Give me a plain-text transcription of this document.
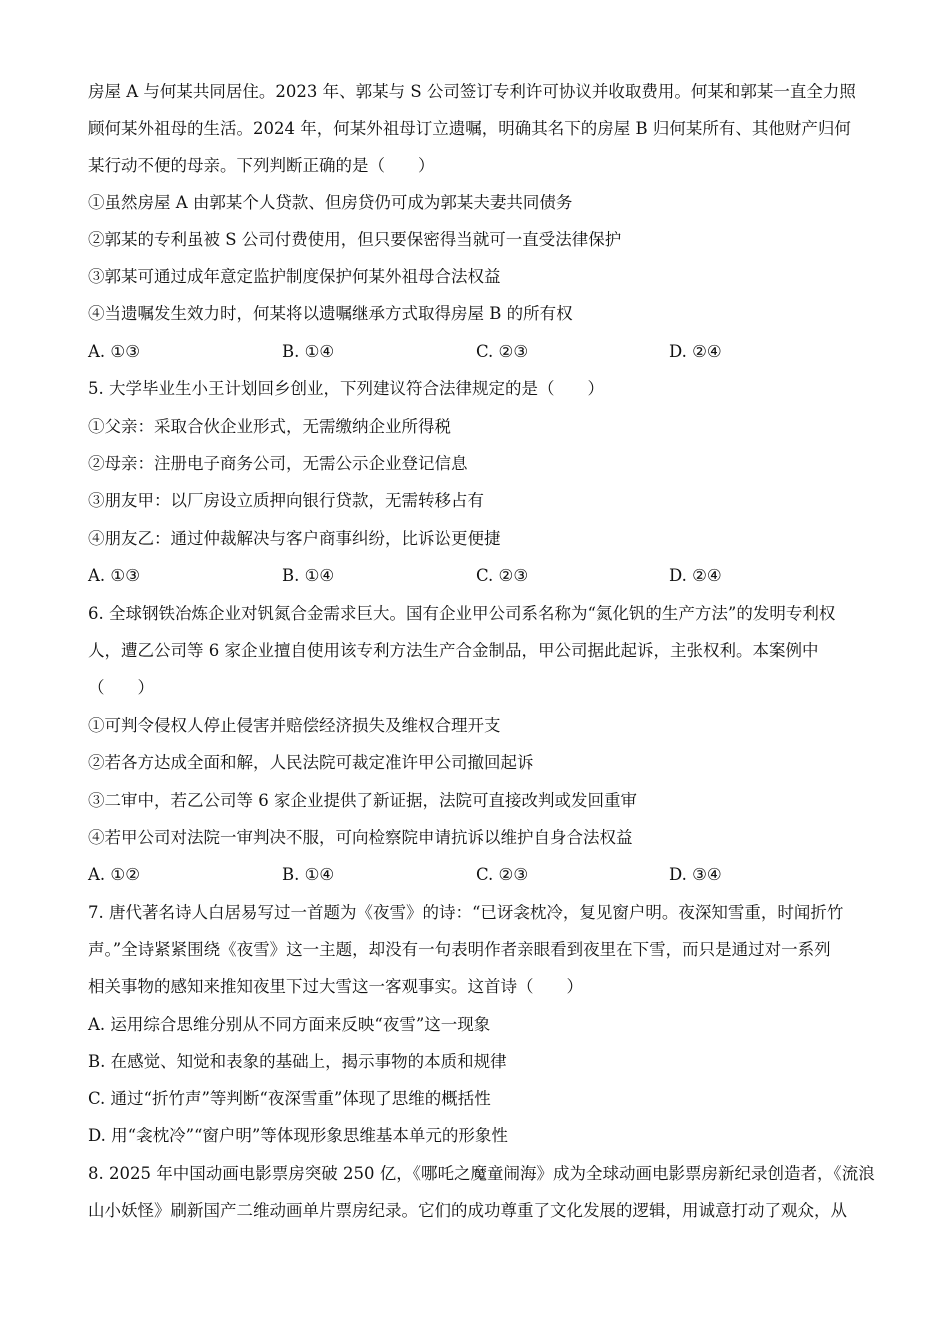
房屋 A 与何某共同居住。2023 年、郭某与 S 公司签订专利许可协议并收取费用。何某和郭某一直全力照
顾何某外祖母的生活。2024 年，何某外祖母订立遗嘱，明确其名下的房屋 B 归何某所有、其他财产归何
某行动不便的母亲。下列判断正确的是（　　）
①虽然房屋 A 由郭某个人贷款、但房贷仍可成为郭某夫妻共同债务
②郭某的专利虽被 S 公司付费使用，但只要保密得当就可一直受法律保护
③郭某可通过成年意定监护制度保护何某外祖母合法权益
④当遗嘱发生效力时，何某将以遗嘱继承方式取得房屋 B 的所有权
A. ①③	B. ①④	C. ②③	D. ②④
5. 大学毕业生小王计划回乡创业，下列建议符合法律规定的是（　　）
①父亲：采取合伙企业形式，无需缴纳企业所得税
②母亲：注册电子商务公司，无需公示企业登记信息
③朋友甲：以厂房设立质押向银行贷款，无需转移占有
④朋友乙：通过仲裁解决与客户商事纠纷，比诉讼更便捷
A. ①③	B. ①④	C. ②③	D. ②④
6. 全球钢铁冶炼企业对钒氮合金需求巨大。国有企业甲公司系名称为“氮化钒的生产方法”的发明专利权
人，遭乙公司等 6 家企业擅自使用该专利方法生产合金制品，甲公司据此起诉，主张权利。本案例中
（　　）
①可判令侵权人停止侵害并赔偿经济损失及维权合理开支
②若各方达成全面和解，人民法院可裁定准许甲公司撤回起诉
③二审中，若乙公司等 6 家企业提供了新证据，法院可直接改判或发回重审
④若甲公司对法院一审判决不服，可向检察院申请抗诉以维护自身合法权益
A. ①②	B. ①④	C. ②③	D. ③④
7. 唐代著名诗人白居易写过一首题为《夜雪》的诗：“已讶衾枕冷，复见窗户明。夜深知雪重，时闻折竹
声。”全诗紧紧围绕《夜雪》这一主题，却没有一句表明作者亲眼看到夜里在下雪，而只是通过对一系列
相关事物的感知来推知夜里下过大雪这一客观事实。这首诗（　　）
A. 运用综合思维分别从不同方面来反映“夜雪”这一现象
B. 在感觉、知觉和表象的基础上，揭示事物的本质和规律
C. 通过“折竹声”等判断“夜深雪重”体现了思维的概括性
D. 用“衾枕冷”“窗户明”等体现形象思维基本单元的形象性
8. 2025 年中国动画电影票房突破 250 亿，《哪吒之魔童闹海》成为全球动画电影票房新纪录创造者，《流浪
山小妖怪》刷新国产二维动画单片票房纪录。它们的成功尊重了文化发展的逻辑，用诚意打动了观众，从
